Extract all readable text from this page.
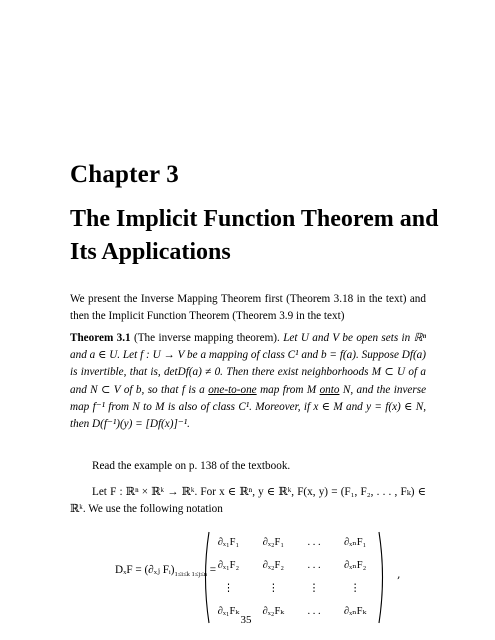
Chapter 3
The Implicit Function Theorem and Its Applications
We present the Inverse Mapping Theorem first (Theorem 3.18 in the text) and then the Implicit Function Theorem (Theorem 3.9 in the text)
Theorem 3.1 (The inverse mapping theorem). Let U and V be open sets in ℝⁿ and a ∈ U. Let f : U → V be a mapping of class C¹ and b = f(a). Suppose Df(a) is invertible, that is, detDf(a) ≠ 0. Then there exist neighborhoods M ⊂ U of a and N ⊂ V of b, so that f is a one-to-one map from M onto N, and the inverse map f⁻¹ from N to M is also of class C¹. Moreover, if x ∈ M and y = f(x) ∈ N, then D(f⁻¹)(y) = [Df(x)]⁻¹.
Read the example on p. 138 of the textbook.
Let F : ℝⁿ × ℝᵏ → ℝᵏ. For x ∈ ℝⁿ, y ∈ ℝᵏ, F(x, y) = (F₁, F₂, . . . , Fₖ) ∈ ℝᵏ. We use the following notation
DₓF = (∂ₓⱼ $Fᵢ)_{1\le i\le k 1\le j\le n}$ =
∂ₓ₁F₁	∂ₓ₂F₁	. . .	∂ₓₙF₁
∂ₓ₁F₂	∂ₓ₂F₂	. . .	∂ₓₙF₂
⋮	⋮	⋮	⋮
∂ₓ₁Fₖ	∂ₓ₂Fₖ	. . .	∂ₓₙFₖ
,
35
